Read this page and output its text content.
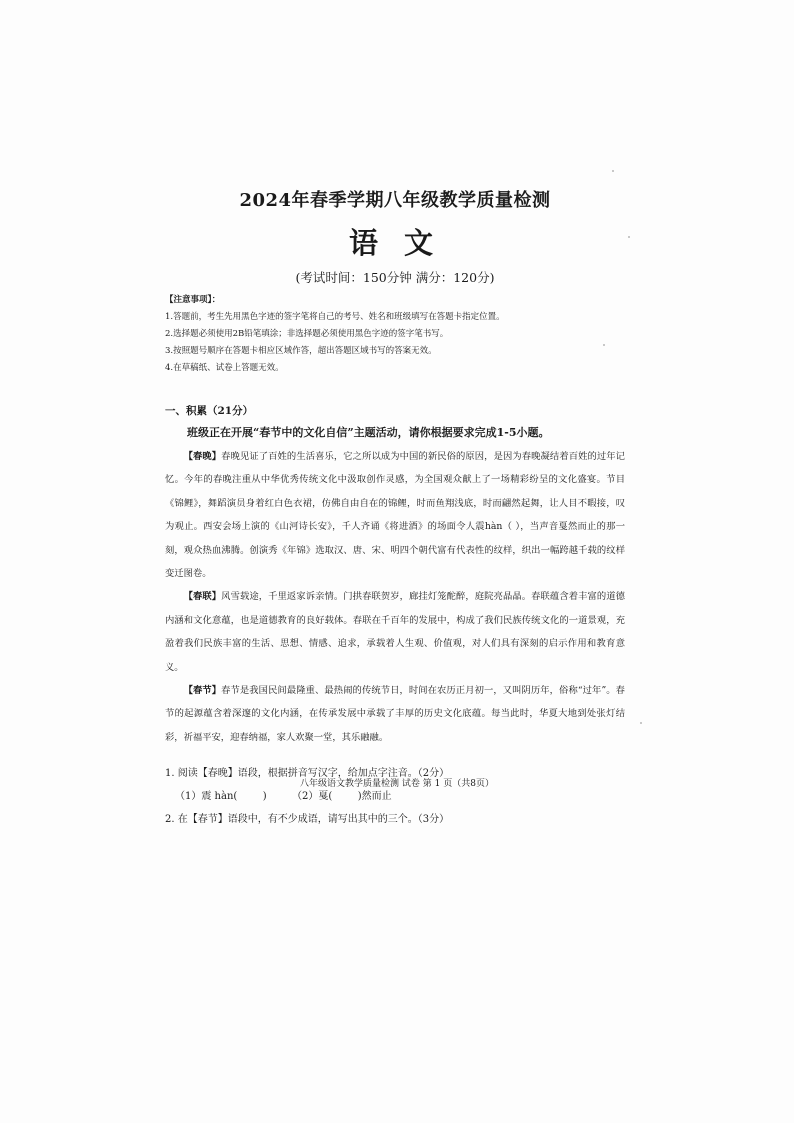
2024年春季学期八年级教学质量检测
语 文
(考试时间：150分钟 满分：120分)
【注意事项】：
1.答题前，考生先用黑色字迹的签字笔将自己的考号、姓名和班级填写在答题卡指定位置。
2.选择题必须使用2B铅笔填涂；非选择题必须使用黑色字迹的签字笔书写。
3.按照题号顺序在答题卡相应区域作答，超出答题区域书写的答案无效。
4.在草稿纸、试卷上答题无效。
一、积累（21分）
班级正在开展“春节中的文化自信”主题活动，请你根据要求完成1-5小题。

【春晚】春晚见证了百姓的生活喜乐，它之所以成为中国的新民俗的原因，是因为春晚凝结着百姓的过年记忆。今年的春晚注重从中华优秀传统文化中汲取创作灵感，为全国观众献上了一场精彩纷呈的文化盛宴。节目《锦鲤》，舞蹈演员身着红白色衣裙，仿佛自由自在的锦鲤，时而鱼翔浅底，时而翩然起舞，让人目不暇接，叹为观止。西安会场上演的《山河诗长安》，千人齐诵《将进酒》的场面令人震hàn（ ），当声音戛然而止的那一刻，观众热血沸腾。创演秀《年锦》选取汉、唐、宋、明四个朝代富有代表性的纹样，织出一幅跨越千载的纹样变迁图卷。

【春联】风雪载途，千里返家诉亲情。门拱春联贺岁，廊挂灯笼酡醉，庭院亮晶晶。春联蕴含着丰富的道德内涵和文化意蕴，也是道德教育的良好载体。春联在千百年的发展中，构成了我们民族传统文化的一道景观，充盈着我们民族丰富的生活、思想、情感、追求，承载着人生观、价值观，对人们具有深刻的启示作用和教育意义。

【春节】春节是我国民间最隆重、最热闹的传统节日，时间在农历正月初一，又叫阴历年，俗称“过年”。春节的起源蕴含着深邃的文化内涵，在传承发展中承载了丰厚的历史文化底蕴。每当此时，华夏大地到处张灯结彩，祈福平安，迎春纳福，家人欢聚一堂，其乐融融。

1. 阅读【春晚】语段，根据拼音写汉字，给加点字注音。（2分）
（1）震 hàn(        )        （2）戛(        )然而止
2. 在【春节】语段中，有不少成语，请写出其中的三个。（3分）
八年级语文教学质量检测 试卷 第 1 页（共8页）
